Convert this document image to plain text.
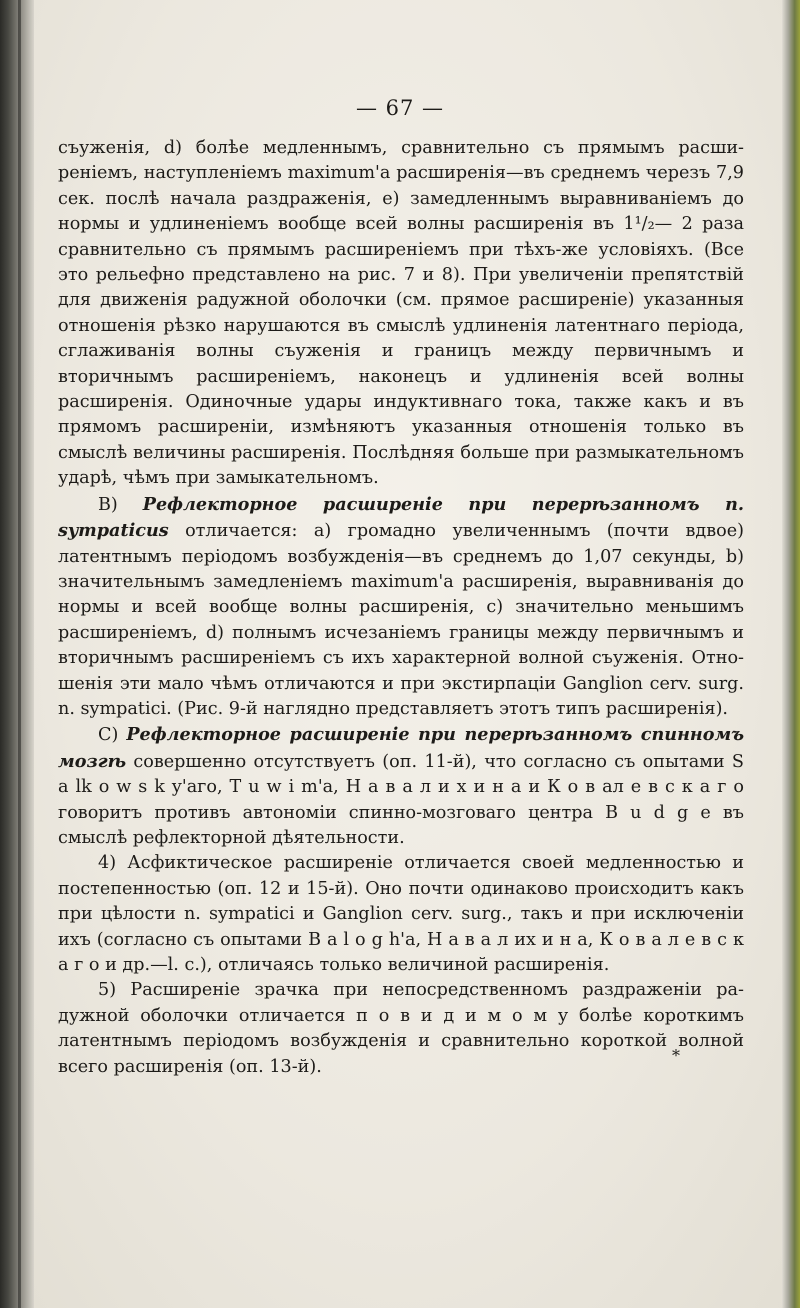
— 67 —

съуженія, d) болѣе медленнымъ, сравнительно съ прямымъ расширеніемъ, наступленіемъ maximum'a расширенія—въ среднемъ черезъ 7,9 сек. послѣ начала раздраженія, е) замедленнымъ выравниваніемъ до нормы и удлиненіемъ вообще всей волны расширенія въ 1¹/₂— 2 раза сравнительно съ прямымъ расширеніемъ при тѣхъ-же условіяхъ. (Все это рельефно представлено на рис. 7 и 8). При увеличеніи препятствій для движенія радужной оболочки (см. прямое расширеніе) указанныя отношенія рѣзко нарушаются въ смыслѣ удлиненія латентнаго періода, сглаживанія волны съуженія и границъ между первичнымъ и вторичнымъ расширеніемъ, наконецъ и удлиненія всей волны расширенія. Одиночные удары индуктивнаго тока, также какъ и въ прямомъ расширеніи, измѣняютъ указанныя отношенія только въ смыслѣ величины расширенія. Послѣдняя больше при размыкательномъ ударѣ, чѣмъ при замыкательномъ.

B) Рефлекторное расширеніе при перерѣзанномъ n. sympaticus отличается: а) громадно увеличеннымъ (почти вдвое) латентнымъ періодомъ возбужденія—въ среднемъ до 1,07 секунды, b) значительнымъ замедленіемъ maximum'a расширенія, выравниванія до нормы и всей вообще волны расширенія, с) значительно меньшимъ расширеніемъ, d) полнымъ исчезаніемъ границы между первичнымъ и вторичнымъ расширеніемъ съ ихъ характерной волной съуженія. Отношенія эти мало чѣмъ отличаются и при экстирпаціи Ganglion cerv. surg. n. sympatici. (Рис. 9-й наглядно представляетъ этотъ типъ расширенія).

C) Рефлекторное расширеніе при перерѣзанномъ спинномъ мозгѣ совершенно отсутствуетъ (оп. 11-й), что согласно съ опытами S a lk o w s k y'аго, T u w i m'a, Н а в а л и х и н а и К о в ал е в с к а г о говоритъ противъ автономіи спинно-мозговаго центра B u d g e въ смыслѣ рефлекторной дѣятельности.

4) Асфиктическое расширеніе отличается своей медленностью и постепенностью (оп. 12 и 15-й). Оно почти одинаково происходитъ какъ при цѣлости n. sympatici и Ganglion cerv. surg., такъ и при исключеніи ихъ (согласно съ опытами B a l o g h'a, Н а в а л их и н а, К о в а л е в с к а г о и др.—l. с.), отличаясь только величиной расширенія.

5) Расширеніе зрачка при непосредственномъ раздраженіи радужной оболочки отличается п о в и д и м о м у болѣе короткимъ латентнымъ періодомъ возбужденія и сравнительно короткой волной всего расширенія (оп. 13-й).

*
